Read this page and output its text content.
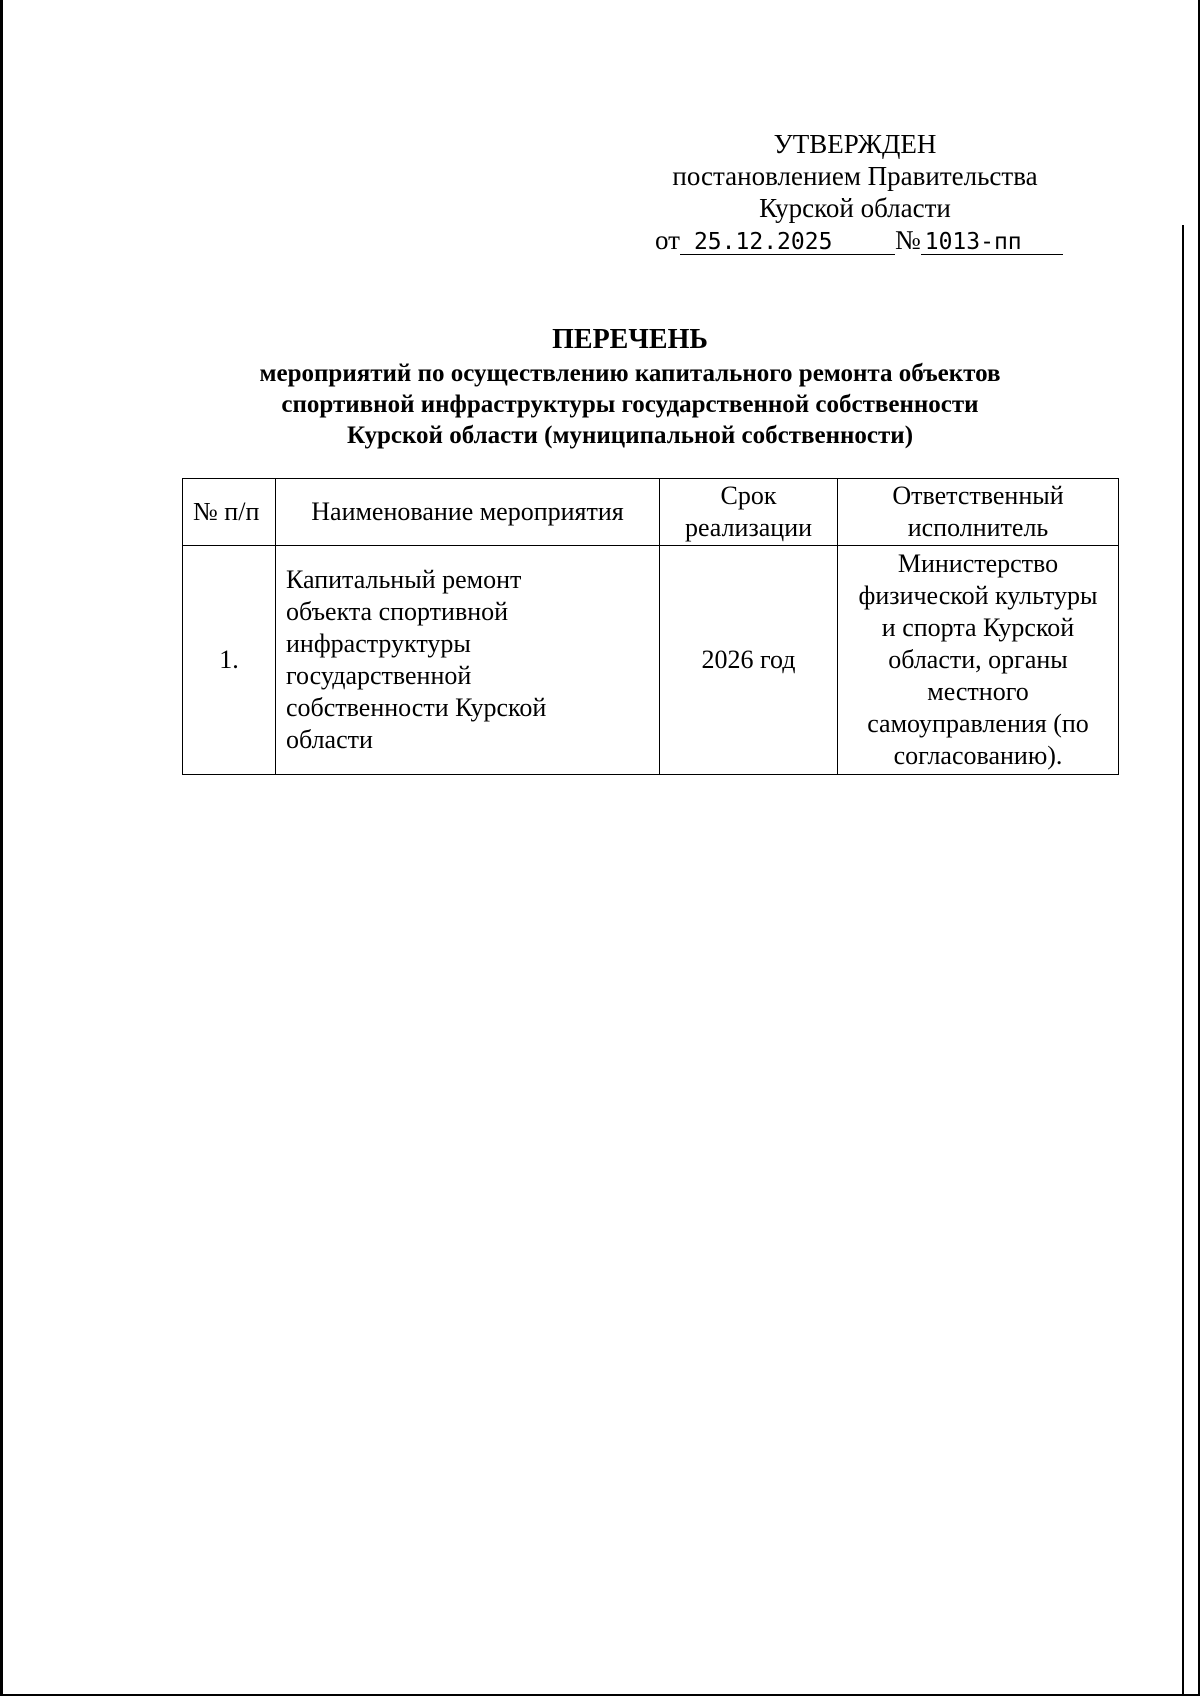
УТВЕРЖДЕН
постановлением Правительства
Курской области
от 25.12.2025 № 1013-пп
ПЕРЕЧЕНЬ
мероприятий по осуществлению капитального ремонта объектов
спортивной инфраструктуры государственной собственности
Курской области (муниципальной собственности)
№ п/п	Наименование мероприятия	Срок реализации	Ответственный исполнитель
1.	Капитальный ремонт объекта спортивной инфраструктуры государственной собственности Курской области	2026 год	Министерство физической культуры и спорта Курской области, органы местного самоуправления (по согласованию).
